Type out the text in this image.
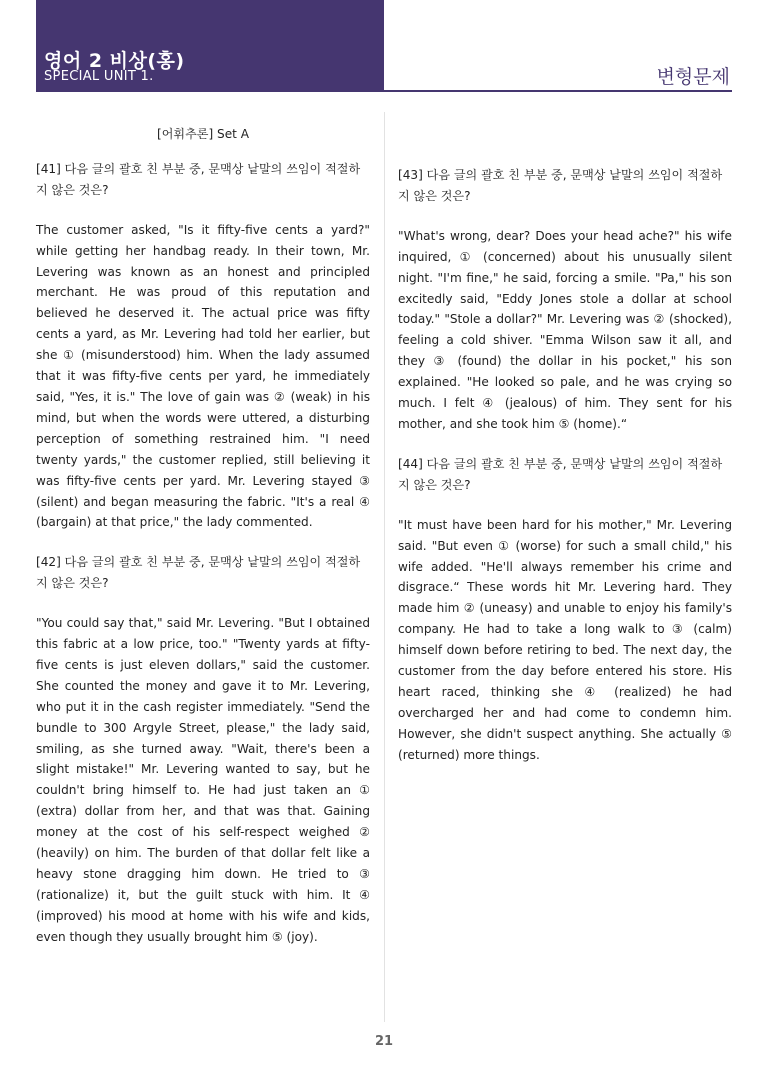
영어 2 비상(홍)
SPECIAL UNIT 1.	변형문제

[어휘추론] Set A

[41] 다음 글의 괄호 친 부분 중, 문맥상 낱말의 쓰임이 적절하지 않은 것은?

The customer asked, "Is it fifty-five cents a yard?" while getting her handbag ready. In their town, Mr. Levering was known as an honest and principled merchant. He was proud of this reputation and believed he deserved it. The actual price was fifty cents a yard, as Mr. Levering had told her earlier, but she ① (misunderstood) him. When the lady assumed that it was fifty-five cents per yard, he immediately said, "Yes, it is." The love of gain was ② (weak) in his mind, but when the words were uttered, a disturbing perception of something restrained him. "I need twenty yards," the customer replied, still believing it was fifty-five cents per yard. Mr. Levering stayed ③ (silent) and began measuring the fabric. "It's a real ④ (bargain) at that price," the lady commented.

[42] 다음 글의 괄호 친 부분 중, 문맥상 낱말의 쓰임이 적절하지 않은 것은?

"You could say that," said Mr. Levering. "But I obtained this fabric at a low price, too." "Twenty yards at fifty-five cents is just eleven dollars," said the customer. She counted the money and gave it to Mr. Levering, who put it in the cash register immediately. "Send the bundle to 300 Argyle Street, please," the lady said, smiling, as she turned away. "Wait, there's been a slight mistake!" Mr. Levering wanted to say, but he couldn't bring himself to. He had just taken an ① (extra) dollar from her, and that was that. Gaining money at the cost of his self-respect weighed ② (heavily) on him. The burden of that dollar felt like a heavy stone dragging him down. He tried to ③ (rationalize) it, but the guilt stuck with him. It ④ (improved) his mood at home with his wife and kids, even though they usually brought him ⑤ (joy).

[43] 다음 글의 괄호 친 부분 중, 문맥상 낱말의 쓰임이 적절하지 않은 것은?

"What's wrong, dear? Does your head ache?" his wife inquired, ① (concerned) about his unusually silent night. "I'm fine," he said, forcing a smile. "Pa," his son excitedly said, "Eddy Jones stole a dollar at school today." "Stole a dollar?" Mr. Levering was ② (shocked), feeling a cold shiver. "Emma Wilson saw it all, and they ③ (found) the dollar in his pocket," his son explained. "He looked so pale, and he was crying so much. I felt ④ (jealous) of him. They sent for his mother, and she took him ⑤ (home).“

[44] 다음 글의 괄호 친 부분 중, 문맥상 낱말의 쓰임이 적절하지 않은 것은?

"It must have been hard for his mother," Mr. Levering said. "But even ① (worse) for such a small child," his wife added. "He'll always remember his crime and disgrace.“ These words hit Mr. Levering hard. They made him ② (uneasy) and unable to enjoy his family's company. He had to take a long walk to ③ (calm) himself down before retiring to bed. The next day, the customer from the day before entered his store. His heart raced, thinking she ④ (realized) he had overcharged her and had come to condemn him. However, she didn't suspect anything. She actually ⑤ (returned) more things.

21
